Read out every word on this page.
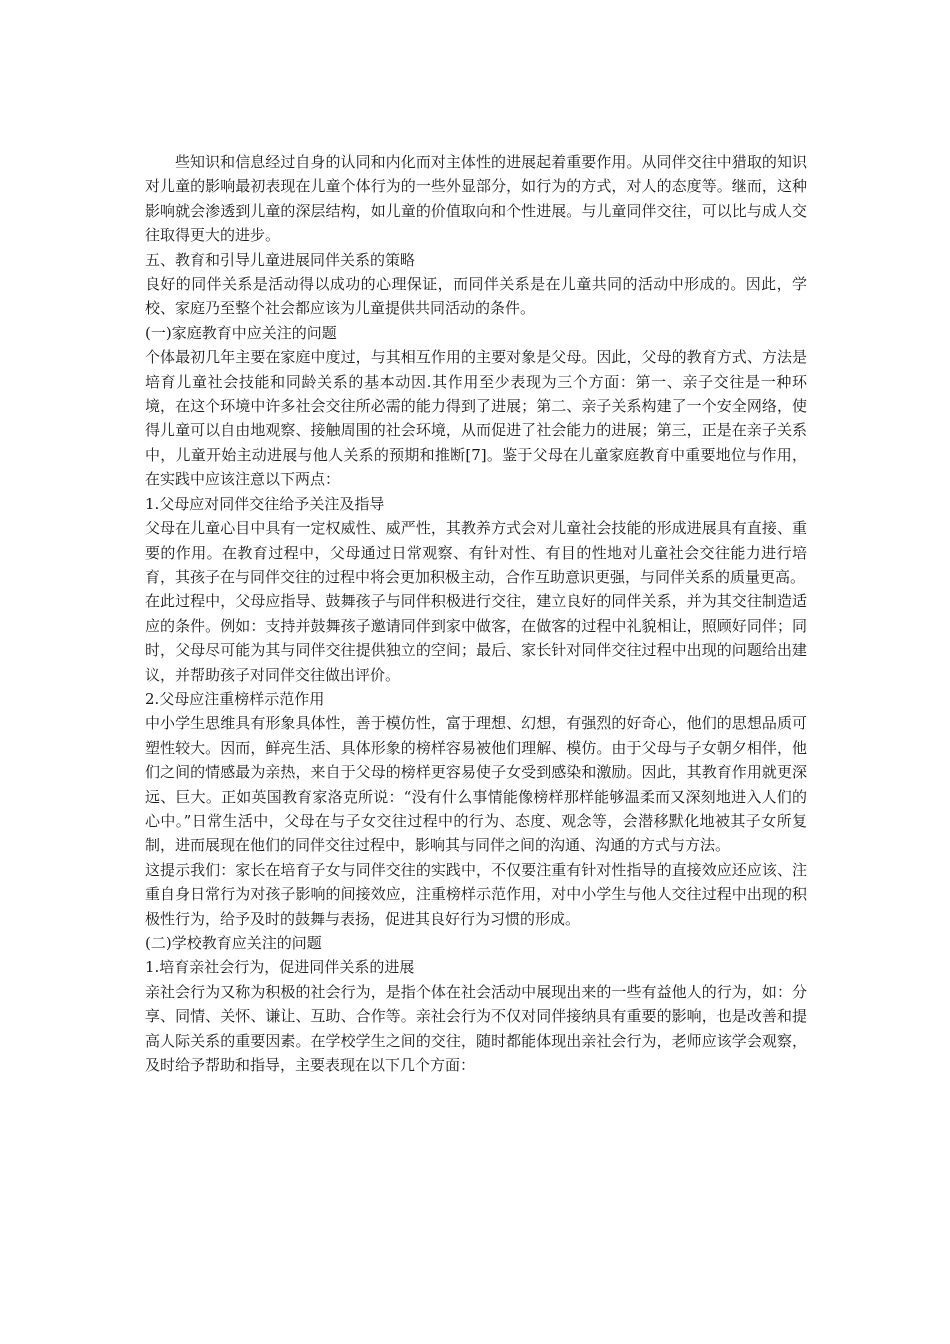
些知识和信息经过自身的认同和内化而对主体性的进展起着重要作用。从同伴交往中猎取的知识对儿童的影响最初表现在儿童个体行为的一些外显部分，如行为的方式，对人的态度等。继而，这种影响就会渗透到儿童的深层结构，如儿童的价值取向和个性进展。与儿童同伴交往，可以比与成人交往取得更大的进步。

五、教育和引导儿童进展同伴关系的策略

良好的同伴关系是活动得以成功的心理保证，而同伴关系是在儿童共同的活动中形成的。因此，学校、家庭乃至整个社会都应该为儿童提供共同活动的条件。

(一)家庭教育中应关注的问题

个体最初几年主要在家庭中度过，与其相互作用的主要对象是父母。因此，父母的教育方式、方法是培育儿童社会技能和同龄关系的基本动因.其作用至少表现为三个方面：第一、亲子交往是一种环境，在这个环境中许多社会交往所必需的能力得到了进展；第二、亲子关系构建了一个安全网络，使得儿童可以自由地观察、接触周围的社会环境，从而促进了社会能力的进展；第三，正是在亲子关系中，儿童开始主动进展与他人关系的预期和推断[7]。鉴于父母在儿童家庭教育中重要地位与作用，在实践中应该注意以下两点：

1.父母应对同伴交往给予关注及指导

父母在儿童心目中具有一定权威性、威严性，其教养方式会对儿童社会技能的形成进展具有直接、重要的作用。在教育过程中，父母通过日常观察、有针对性、有目的性地对儿童社会交往能力进行培育，其孩子在与同伴交往的过程中将会更加积极主动，合作互助意识更强，与同伴关系的质量更高。

在此过程中，父母应指导、鼓舞孩子与同伴积极进行交往，建立良好的同伴关系，并为其交往制造适应的条件。例如：支持并鼓舞孩子邀请同伴到家中做客，在做客的过程中礼貌相让，照顾好同伴；同时，父母尽可能为其与同伴交往提供独立的空间；最后、家长针对同伴交往过程中出现的问题给出建议，并帮助孩子对同伴交往做出评价。

2.父母应注重榜样示范作用

中小学生思维具有形象具体性，善于模仿性，富于理想、幻想，有强烈的好奇心，他们的思想品质可塑性较大。因而，鲜亮生活、具体形象的榜样容易被他们理解、模仿。由于父母与子女朝夕相伴，他们之间的情感最为亲热，来自于父母的榜样更容易使子女受到感染和激励。因此，其教育作用就更深远、巨大。正如英国教育家洛克所说：“没有什么事情能像榜样那样能够温柔而又深刻地进入人们的心中。”日常生活中，父母在与子女交往过程中的行为、态度、观念等，会潜移默化地被其子女所复制，进而展现在他们的同伴交往过程中，影响其与同伴之间的沟通、沟通的方式与方法。

这提示我们：家长在培育子女与同伴交往的实践中，不仅要注重有针对性指导的直接效应还应该、注重自身日常行为对孩子影响的间接效应，注重榜样示范作用，对中小学生与他人交往过程中出现的积极性行为，给予及时的鼓舞与表扬，促进其良好行为习惯的形成。

(二)学校教育应关注的问题

1.培育亲社会行为，促进同伴关系的进展

亲社会行为又称为积极的社会行为，是指个体在社会活动中展现出来的一些有益他人的行为，如：分享、同情、关怀、谦让、互助、合作等。亲社会行为不仅对同伴接纳具有重要的影响，也是改善和提高人际关系的重要因素。在学校学生之间的交往，随时都能体现出亲社会行为，老师应该学会观察，及时给予帮助和指导，主要表现在以下几个方面：
